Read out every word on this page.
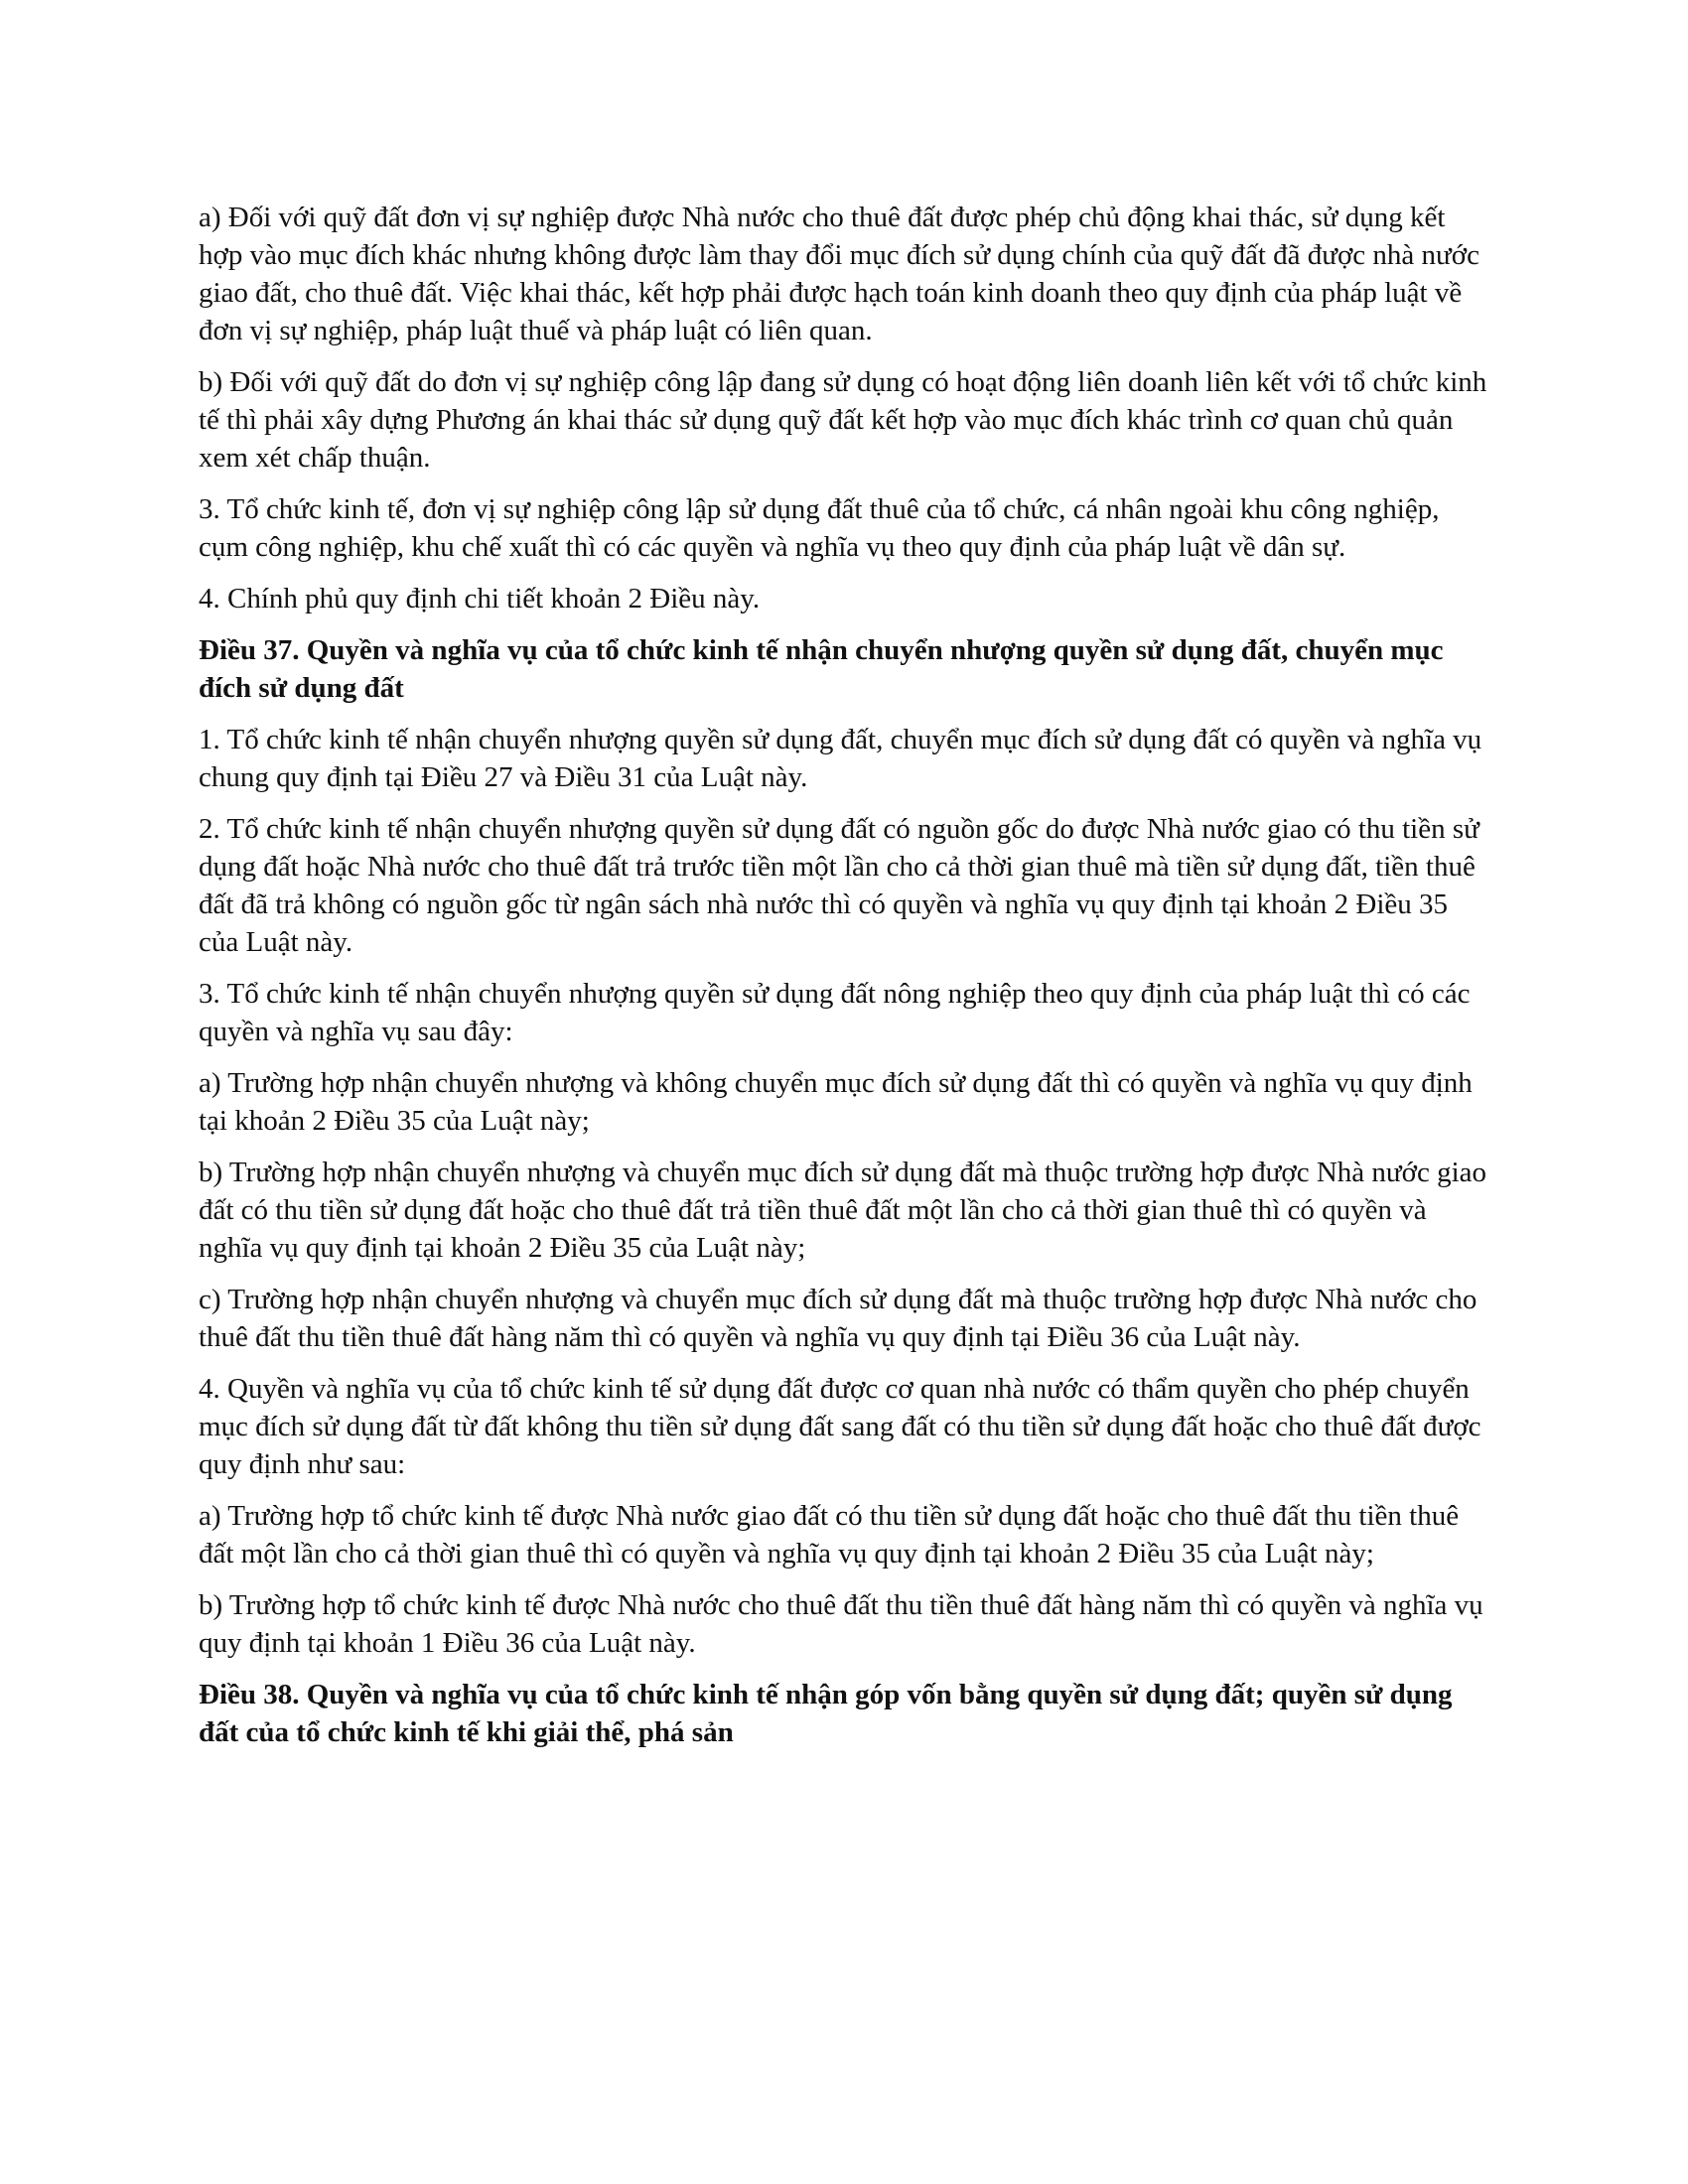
a) Đối với quỹ đất đơn vị sự nghiệp được Nhà nước cho thuê đất được phép chủ động khai thác, sử dụng kết hợp vào mục đích khác nhưng không được làm thay đổi mục đích sử dụng chính của quỹ đất đã được nhà nước giao đất, cho thuê đất. Việc khai thác, kết hợp phải được hạch toán kinh doanh theo quy định của pháp luật về đơn vị sự nghiệp, pháp luật thuế và pháp luật có liên quan.

b) Đối với quỹ đất do đơn vị sự nghiệp công lập đang sử dụng có hoạt động liên doanh liên kết với tổ chức kinh tế thì phải xây dựng Phương án khai thác sử dụng quỹ đất kết hợp vào mục đích khác trình cơ quan chủ quản xem xét chấp thuận.

3. Tổ chức kinh tế, đơn vị sự nghiệp công lập sử dụng đất thuê của tổ chức, cá nhân ngoài khu công nghiệp, cụm công nghiệp, khu chế xuất thì có các quyền và nghĩa vụ theo quy định của pháp luật về dân sự.

4. Chính phủ quy định chi tiết khoản 2 Điều này.

Điều 37. Quyền và nghĩa vụ của tổ chức kinh tế nhận chuyển nhượng quyền sử dụng đất, chuyển mục đích sử dụng đất

1. Tổ chức kinh tế nhận chuyển nhượng quyền sử dụng đất, chuyển mục đích sử dụng đất có quyền và nghĩa vụ chung quy định tại Điều 27 và Điều 31 của Luật này.

2. Tổ chức kinh tế nhận chuyển nhượng quyền sử dụng đất có nguồn gốc do được Nhà nước giao có thu tiền sử dụng đất hoặc Nhà nước cho thuê đất trả trước tiền một lần cho cả thời gian thuê mà tiền sử dụng đất, tiền thuê đất đã trả không có nguồn gốc từ ngân sách nhà nước thì có quyền và nghĩa vụ quy định tại khoản 2 Điều 35 của Luật này.

3. Tổ chức kinh tế nhận chuyển nhượng quyền sử dụng đất nông nghiệp theo quy định của pháp luật thì có các quyền và nghĩa vụ sau đây:

a) Trường hợp nhận chuyển nhượng và không chuyển mục đích sử dụng đất thì có quyền và nghĩa vụ quy định tại khoản 2 Điều 35 của Luật này;

b) Trường hợp nhận chuyển nhượng và chuyển mục đích sử dụng đất mà thuộc trường hợp được Nhà nước giao đất có thu tiền sử dụng đất hoặc cho thuê đất trả tiền thuê đất một lần cho cả thời gian thuê thì có quyền và nghĩa vụ quy định tại khoản 2 Điều 35 của Luật này;

c) Trường hợp nhận chuyển nhượng và chuyển mục đích sử dụng đất mà thuộc trường hợp được Nhà nước cho thuê đất thu tiền thuê đất hàng năm thì có quyền và nghĩa vụ quy định tại Điều 36 của Luật này.

4. Quyền và nghĩa vụ của tổ chức kinh tế sử dụng đất được cơ quan nhà nước có thẩm quyền cho phép chuyển mục đích sử dụng đất từ đất không thu tiền sử dụng đất sang đất có thu tiền sử dụng đất hoặc cho thuê đất được quy định như sau:

a) Trường hợp tổ chức kinh tế được Nhà nước giao đất có thu tiền sử dụng đất hoặc cho thuê đất thu tiền thuê đất một lần cho cả thời gian thuê thì có quyền và nghĩa vụ quy định tại khoản 2 Điều 35 của Luật này;

b) Trường hợp tổ chức kinh tế được Nhà nước cho thuê đất thu tiền thuê đất hàng năm thì có quyền và nghĩa vụ quy định tại khoản 1 Điều 36 của Luật này.

Điều 38. Quyền và nghĩa vụ của tổ chức kinh tế nhận góp vốn bằng quyền sử dụng đất; quyền sử dụng đất của tổ chức kinh tế khi giải thể, phá sản
